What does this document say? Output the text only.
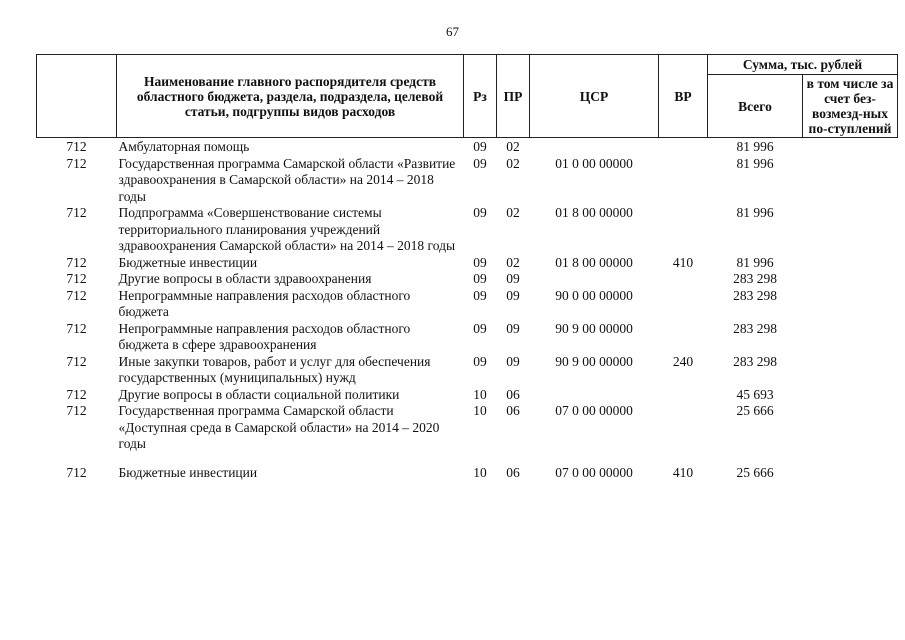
67
	Наименование главного распорядителя средств областного бюджета, раздела, подраздела, целевой статьи, подгруппы видов расходов	Рз	ПР	ЦСР	ВР	Сумма, тыс. рублей	
						Всего	в том числе за счет без-возмезд-ных по-ступлений
712	Амбулаторная помощь	09	02			81 996	
712	Государственная программа Самарской области «Развитие здравоохранения в Самарской области» на 2014 – 2018 годы	09	02	01 0 00 00000		81 996	
712	Подпрограмма «Совершенствование системы территориального планирования учреждений здравоохранения Самарской области» на 2014 – 2018 годы	09	02	01 8 00 00000		81 996	
712	Бюджетные инвестиции	09	02	01 8 00 00000	410	81 996	
712	Другие вопросы в области здравоохранения	09	09			283 298	
712	Непрограммные направления расходов областного бюджета	09	09	90 0 00 00000		283 298	
712	Непрограммные направления расходов областного бюджета в сфере здравоохранения	09	09	90 9 00 00000		283 298	
712	Иные закупки товаров, работ и услуг для обеспечения государственных (муниципальных) нужд	09	09	90 9 00 00000	240	283 298	
712	Другие вопросы в области социальной политики	10	06			45 693	
712	Государственная программа Самарской области «Доступная среда в Самарской области» на 2014 – 2020 годы	10	06	07 0 00 00000		25 666	
712	Бюджетные инвестиции	10	06	07 0 00 00000	410	25 666	
